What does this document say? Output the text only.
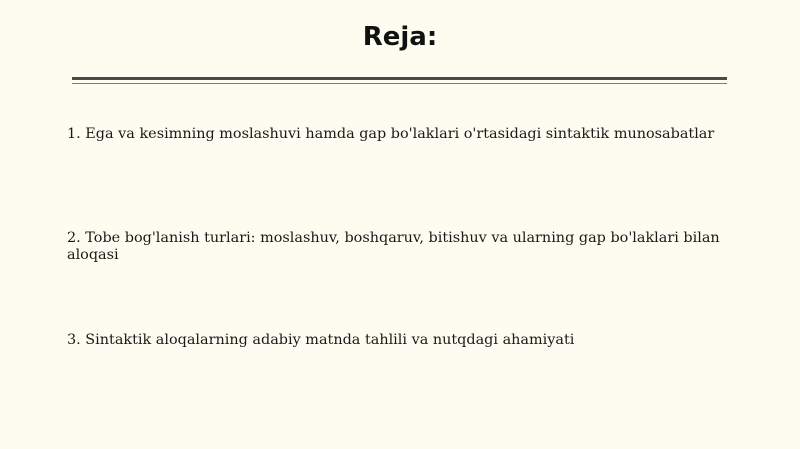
Reja:
1. Ega va kesimning moslashuvi hamda gap bo'laklari o'rtasidagi sintaktik munosabatlar
2. Tobe bog'lanish turlari: moslashuv, boshqaruv, bitishuv va ularning gap bo'laklari bilan aloqasi
3. Sintaktik aloqalarning adabiy matnda tahlili va nutqdagi ahamiyati
